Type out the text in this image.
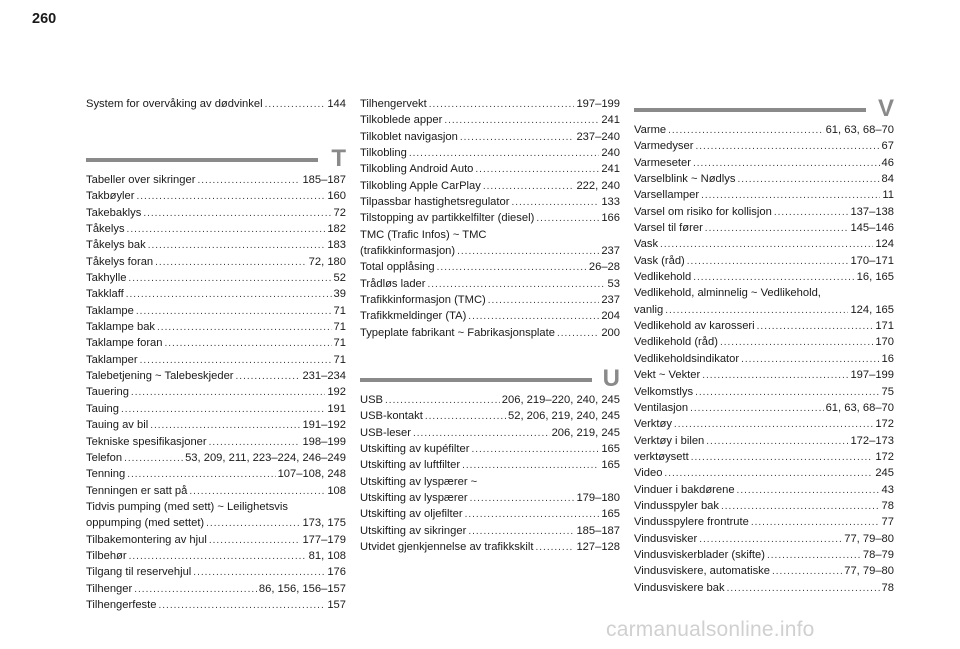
260
System for overvåking av dødvinkel .....	144
T
Tabeller over sikringer .....	185–187
Takbøyler .....	160
Takebaklys .....	72
Tåkelys .....	182
Tåkelys bak .....	183
Tåkelys foran .....	72, 180
Takhylle .....	52
Takklaff .....	39
Taklampe .....	71
Taklampe bak .....	71
Taklampe foran .....	71
Taklamper .....	71
Talebetjening ~ Talebeskjeder .....	231–234
Tauering .....	192
Tauing .....	191
Tauing av bil .....	191–192
Tekniske spesifikasjoner .....	198–199
Telefon .....	53, 209, 211, 223–224, 246–249
Tenning .....	107–108, 248
Tenningen er satt på .....	108
Tidvis pumping (med sett) ~ Leilighetsvis
oppumping (med settet) .....	173, 175
Tilbakemontering av hjul .....	177–179
Tilbehør .....	81, 108
Tilgang til reservehjul .....	176
Tilhenger .....	86, 156, 156–157
Tilhengerfeste .....	157
Tilhengervekt .....	197–199
Tilkoblede apper .....	241
Tilkoblet navigasjon .....	237–240
Tilkobling .....	240
Tilkobling Android Auto .....	241
Tilkobling Apple CarPlay .....	222, 240
Tilpassbar hastighetsregulator .....	133
Tilstopping av partikkelfilter (diesel) .....	166
TMC (Trafic Infos) ~ TMC
(trafikkinformasjon) .....	237
Total opplåsing .....	26–28
Trådløs lader .....	53
Trafikkinformasjon (TMC) .....	237
Trafikkmeldinger (TA) .....	204
Typeplate fabrikant ~ Fabrikasjonsplate .....	200
U
USB .....	206, 219–220, 240, 245
USB-kontakt .....	52, 206, 219, 240, 245
USB-leser .....	206, 219, 245
Utskifting av kupéfilter .....	165
Utskifting av luftfilter .....	165
Utskifting av lyspærer ~
Utskifting av lyspærer .....	179–180
Utskifting av oljefilter .....	165
Utskifting av sikringer .....	185–187
Utvidet gjenkjennelse av trafikkskilt .....	127–128
V
Varme .....	61, 63, 68–70
Varmedyser .....	67
Varmeseter .....	46
Varselblink ~ Nødlys .....	84
Varsellamper .....	11
Varsel om risiko for kollisjon .....	137–138
Varsel til fører .....	145–146
Vask .....	124
Vask (råd) .....	170–171
Vedlikehold .....	16, 165
Vedlikehold, alminnelig ~ Vedlikehold,
vanlig .....	124, 165
Vedlikehold av karosseri .....	171
Vedlikehold (råd) .....	170
Vedlikeholdsindikator .....	16
Vekt ~ Vekter .....	197–199
Velkomstlys .....	75
Ventilasjon .....	61, 63, 68–70
Verktøy .....	172
Verktøy i bilen .....	172–173
verktøysett .....	172
Video .....	245
Vinduer i bakdørene .....	43
Vindusspyler bak .....	78
Vindusspylere frontrute .....	77
Vindusvisker .....	77, 79–80
Vindusviskerblader (skifte) .....	78–79
Vindusviskere, automatiske .....	77, 79–80
Vindusviskere bak .....	78
carmanualsonline.info
